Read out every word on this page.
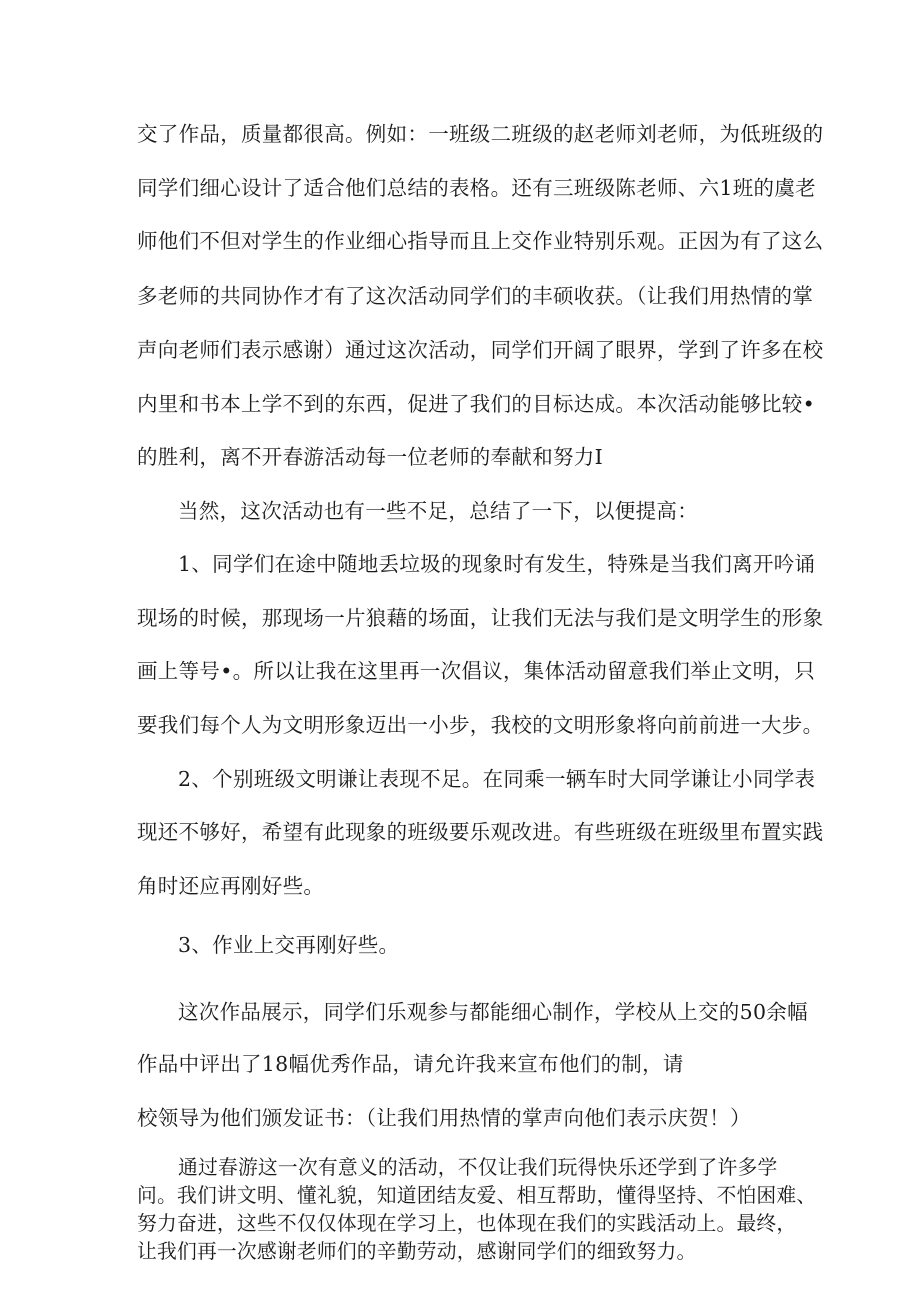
交了作品，质量都很高。例如：一班级二班级的赵老师刘老师，为低班级的
同学们细心设计了适合他们总结的表格。还有三班级陈老师、六1班的虞老
师他们不但对学生的作业细心指导而且上交作业特别乐观。正因为有了这么
多老师的共同协作才有了这次活动同学们的丰硕收获。（让我们用热情的掌
声向老师们表示感谢）通过这次活动，同学们开阔了眼界，学到了许多在校
内里和书本上学不到的东西，促进了我们的目标达成。本次活动能够比较•
的胜利，离不开春游活动每一位老师的奉献和努力I
当然，这次活动也有一些不足，总结了一下，以便提高：
1、同学们在途中随地丢垃圾的现象时有发生，特殊是当我们离开吟诵
现场的时候，那现场一片狼藉的场面，让我们无法与我们是文明学生的形象
画上等号•。所以让我在这里再一次倡议，集体活动留意我们举止文明，只
要我们每个人为文明形象迈出一小步，我校的文明形象将向前前进一大步。
2、个别班级文明谦让表现不足。在同乘一辆车时大同学谦让小同学表
现还不够好，希望有此现象的班级要乐观改进。有些班级在班级里布置实践
角时还应再刚好些。
3、作业上交再刚好些。
这次作品展示，同学们乐观参与都能细心制作，学校从上交的50余幅
作品中评出了18幅优秀作品，请允许我来宣布他们的制，请
校领导为他们颁发证书：（让我们用热情的掌声向他们表示庆贺！）
通过春游这一次有意义的活动，不仅让我们玩得快乐还学到了许多学
问。我们讲文明、懂礼貌，知道团结友爱、相互帮助，懂得坚持、不怕困难、
努力奋进，这些不仅仅体现在学习上，也体现在我们的实践活动上。最终，
让我们再一次感谢老师们的辛勤劳动，感谢同学们的细致努力。
